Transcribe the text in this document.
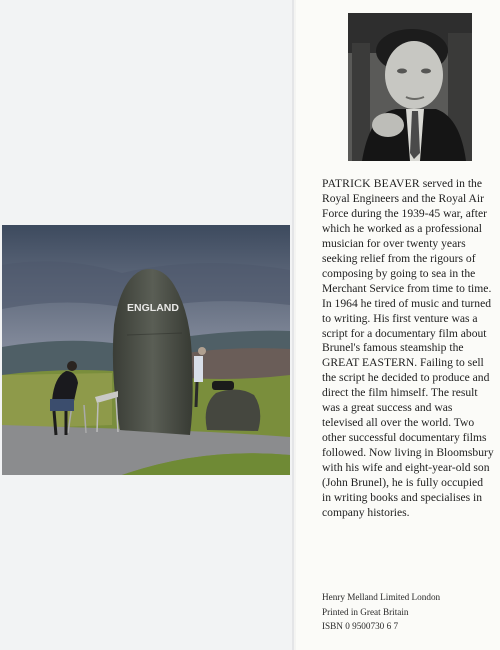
ENGLAND
PATRICK BEAVER served in the Royal Engineers and the Royal Air Force during the 1939-45 war, after which he worked as a professional musician for over twenty years seeking relief from the rigours of composing by going to sea in the Merchant Service from time to time. In 1964 he tired of music and turned to writing. His first venture was a script for a documentary film about Brunel's famous steamship the GREAT EASTERN. Failing to sell the script he decided to produce and direct the film himself. The result was a great success and was televised all over the world. Two other successful documentary films followed. Now living in Bloomsbury with his wife and eight-year-old son (John Brunel), he is fully occupied in writing books and specialises in company histories.
Henry Melland Limited London
Printed in Great Britain
ISBN 0 9500730 6 7
